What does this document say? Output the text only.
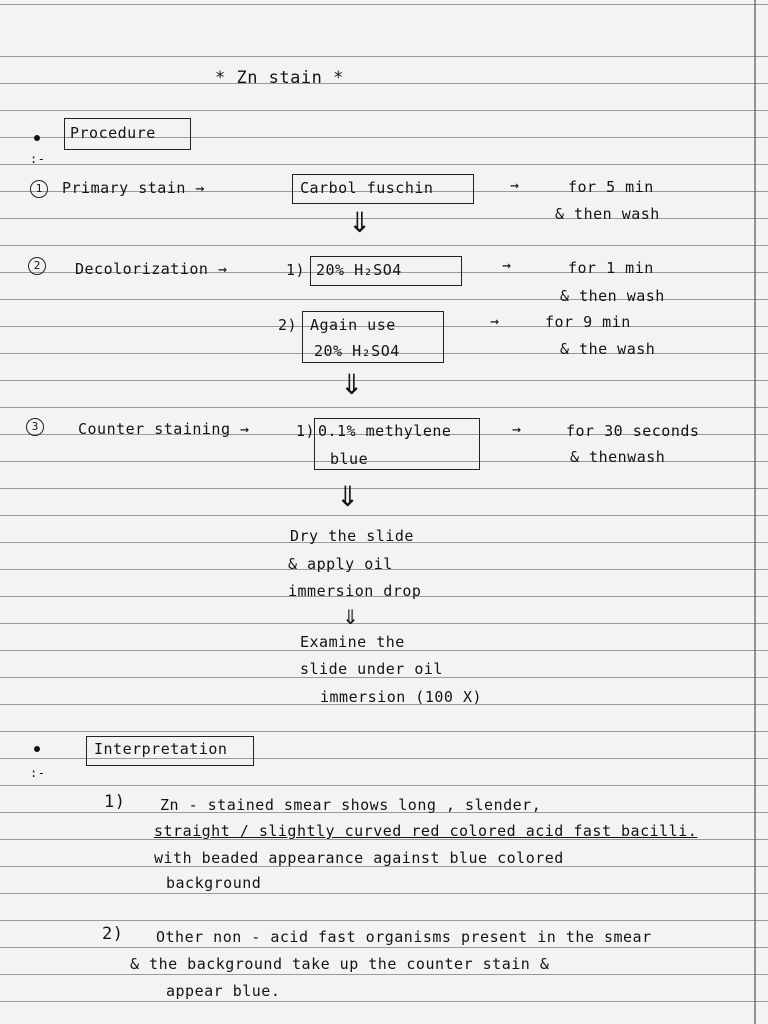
* Zn stain *
Procedure
:-
1	Primary stain →	Carbol fuschin	→	for 5 min
& then wash
⇓
2	Decolorization →	1) 20% H₂SO4	→	for 1 min
& then wash
2) Again use
20% H₂SO4
→	for 9 min
& the wash
⇓
3	Counter staining →	1) 0.1% methylene
blue
→	for 30 seconds
& thenwash
⇓
Dry the slide
& apply oil
immersion drop
⇓
Examine the
slide under oil
immersion (100 X)
Interpretation
:-
1) Zn - stained smear shows long , slender,
straight / slightly curved red colored acid fast bacilli.
with beaded appearance against blue colored
background
2) Other non - acid fast organisms present in the smear
& the background take up the counter stain &
appear blue.
